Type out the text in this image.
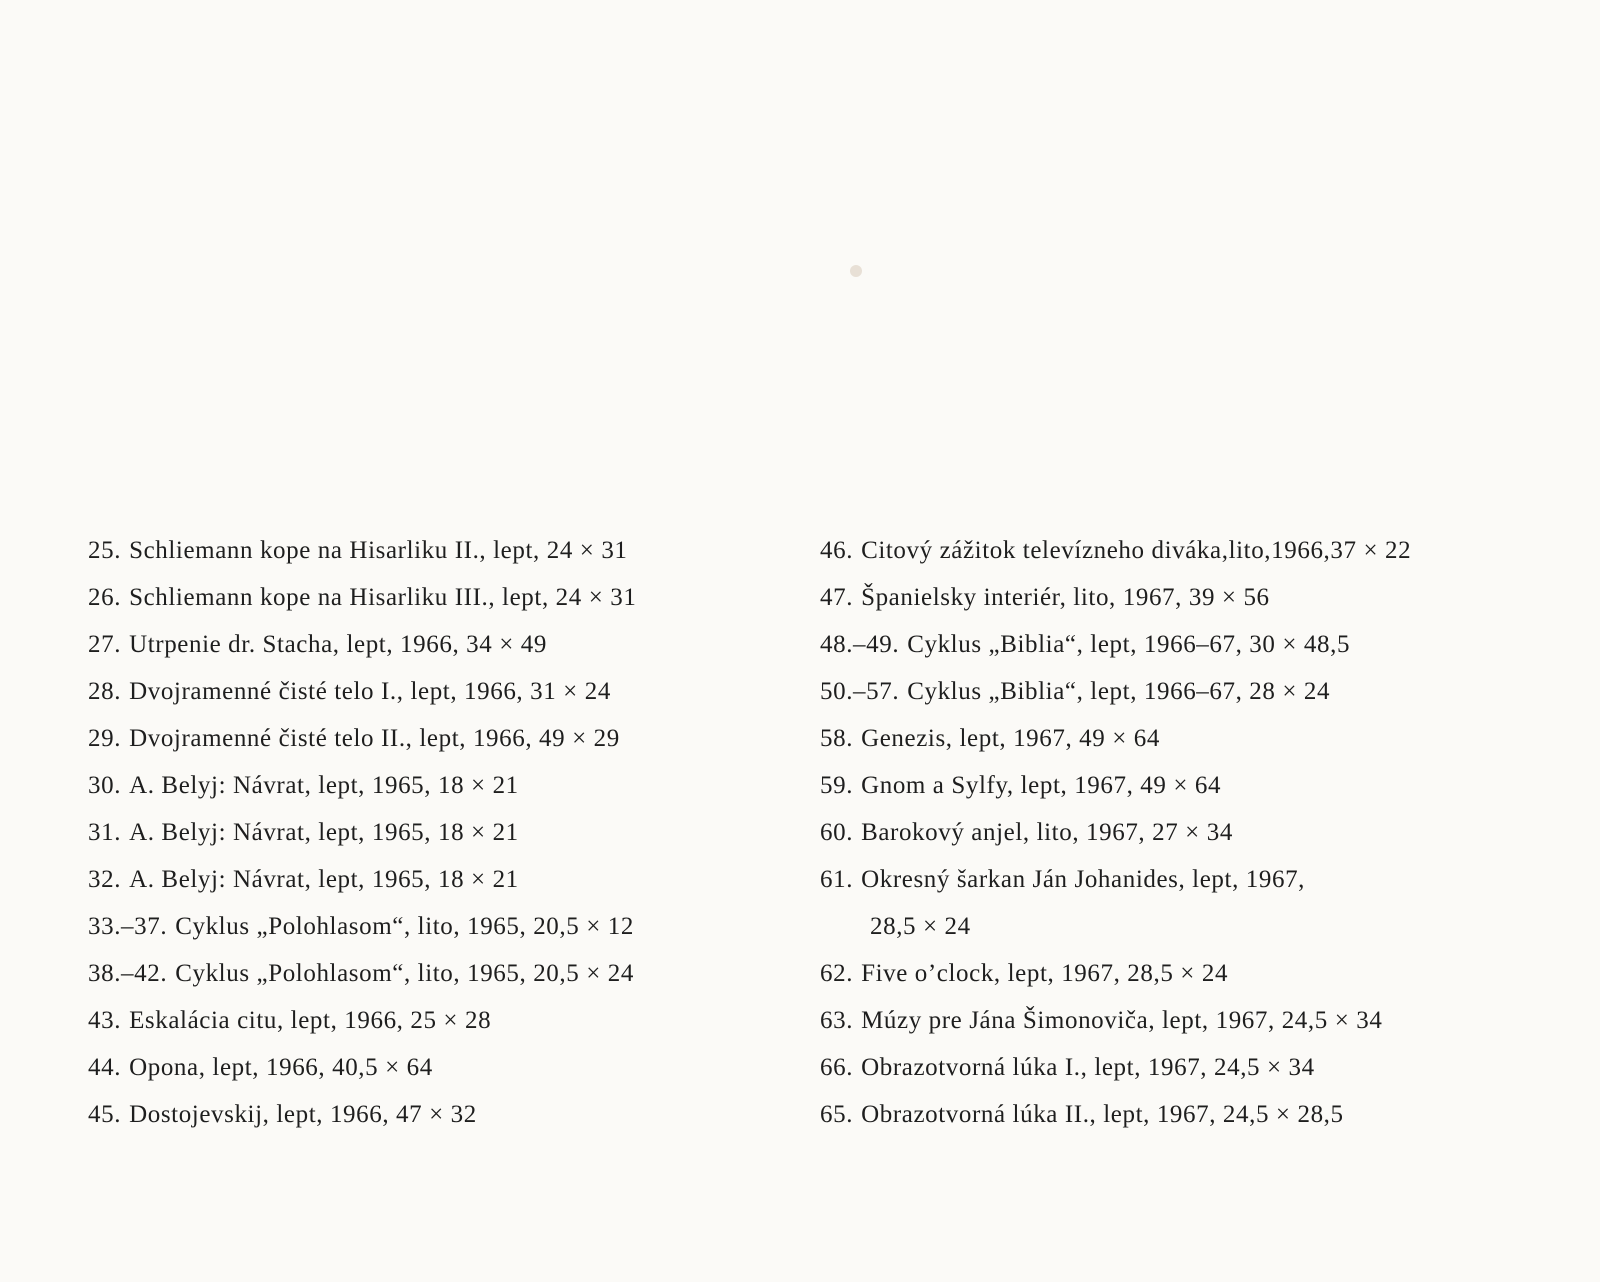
25. Schliemann kope na Hisarliku II., lept, 24 × 31
26. Schliemann kope na Hisarliku III., lept, 24 × 31
27. Utrpenie dr. Stacha, lept, 1966, 34 × 49
28. Dvojramenné čisté telo I., lept, 1966, 31 × 24
29. Dvojramenné čisté telo II., lept, 1966, 49 × 29
30. A. Belyj: Návrat, lept, 1965, 18 × 21
31. A. Belyj: Návrat, lept, 1965, 18 × 21
32. A. Belyj: Návrat, lept, 1965, 18 × 21
33.–37. Cyklus „Polohlasom“, lito, 1965, 20,5 × 12
38.–42. Cyklus „Polohlasom“, lito, 1965, 20,5 × 24
43. Eskalácia citu, lept, 1966, 25 × 28
44. Opona, lept, 1966, 40,5 × 64
45. Dostojevskij, lept, 1966, 47 × 32
46. Citový zážitok televízneho diváka,lito,1966,37 × 22
47. Španielsky interiér, lito, 1967, 39 × 56
48.–49. Cyklus „Biblia“, lept, 1966–67, 30 × 48,5
50.–57. Cyklus „Biblia“, lept, 1966–67, 28 × 24
58. Genezis, lept, 1967, 49 × 64
59. Gnom a Sylfy, lept, 1967, 49 × 64
60. Barokový anjel, lito, 1967, 27 × 34
61. Okresný šarkan Ján Johanides, lept, 1967,
28,5 × 24
62. Five o’clock, lept, 1967, 28,5 × 24
63. Múzy pre Jána Šimonoviča, lept, 1967, 24,5 × 34
66. Obrazotvorná lúka I., lept, 1967, 24,5 × 34
65. Obrazotvorná lúka II., lept, 1967, 24,5 × 28,5
